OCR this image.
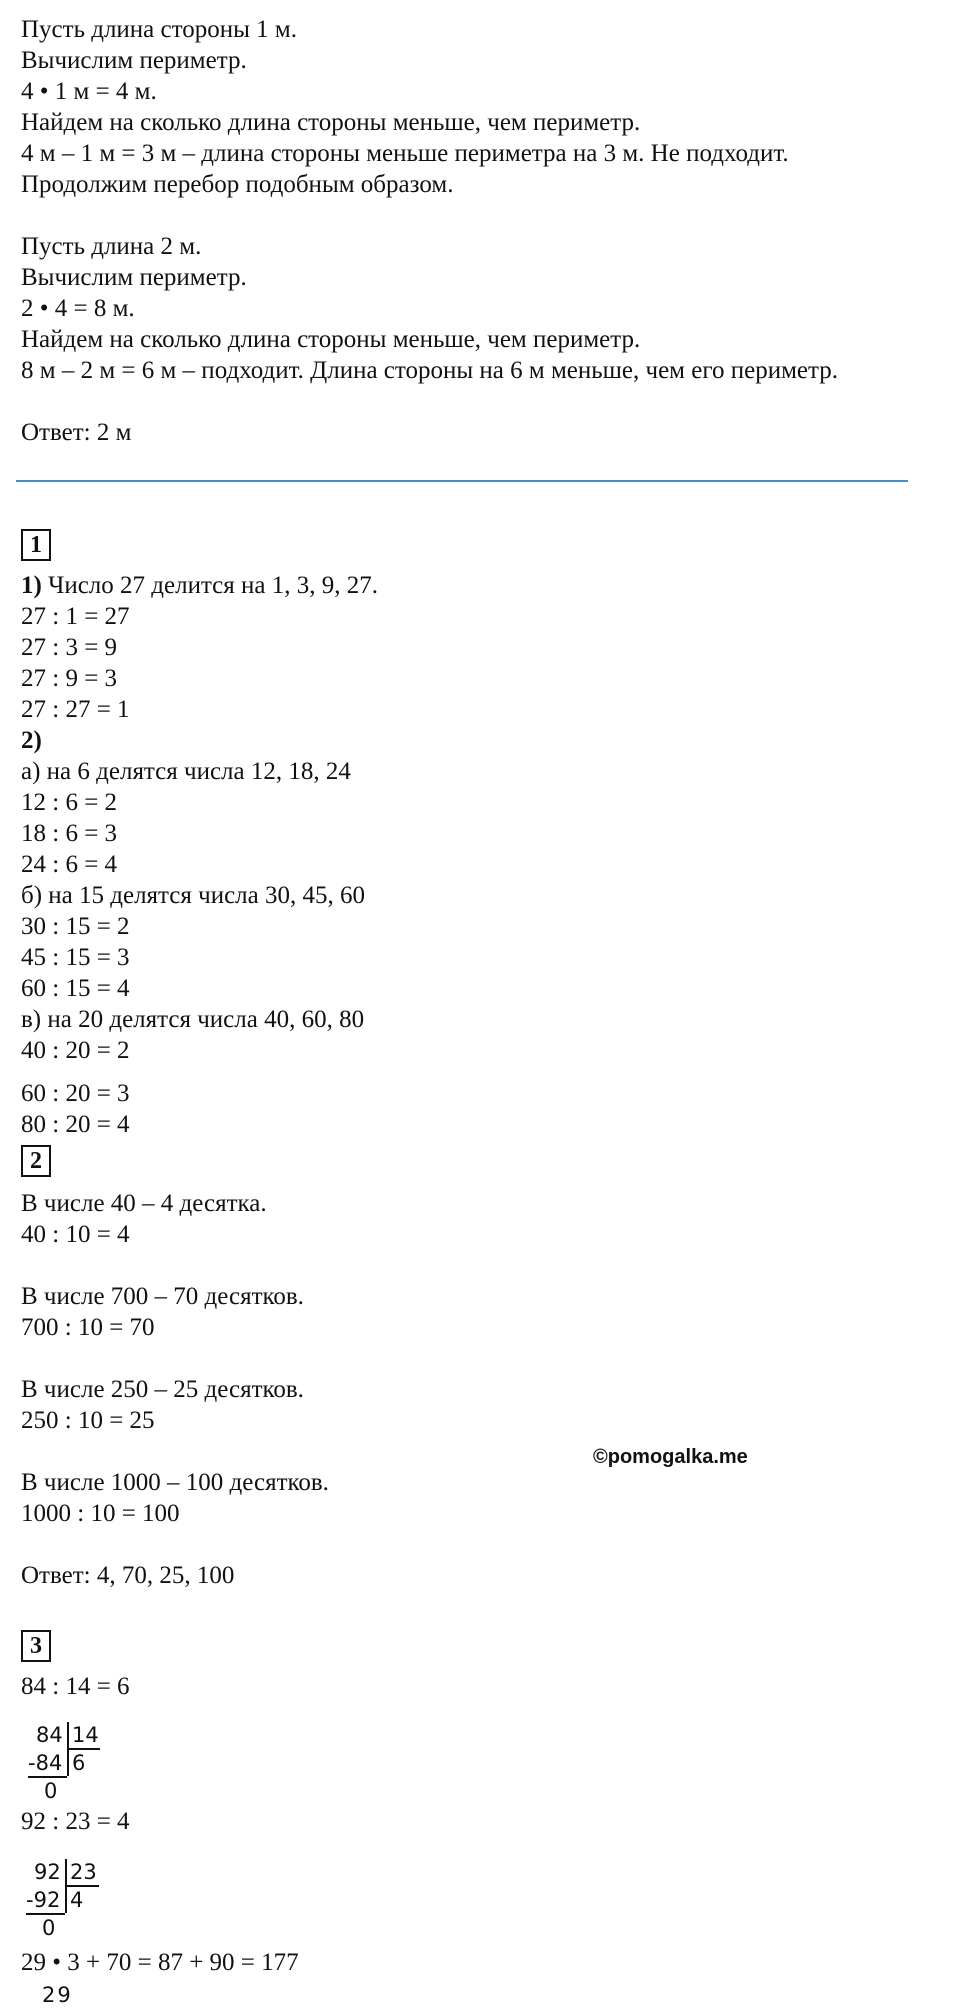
Пусть длина стороны 1 м.
Вычислим периметр.
4 • 1 м = 4 м.
Найдем на сколько длина стороны меньше, чем периметр.
4 м – 1 м = 3 м – длина стороны меньше периметра на 3 м. Не подходит.
Продолжим перебор подобным образом.
Пусть длина 2 м.
Вычислим периметр.
2 • 4 = 8 м.
Найдем на сколько длина стороны меньше, чем периметр.
8 м – 2 м = 6 м – подходит. Длина стороны на 6 м меньше, чем его периметр.
Ответ: 2 м
1
1) Число 27 делится на 1, 3, 9, 27.
27 : 1 = 27
27 : 3 = 9
27 : 9 = 3
27 : 27 = 1
2)
а) на 6 делятся числа 12, 18, 24
12 : 6 = 2
18 : 6 = 3
24 : 6 = 4
б) на 15 делятся числа 30, 45, 60
30 : 15 = 2
45 : 15 = 3
60 : 15 = 4
в) на 20 делятся числа 40, 60, 80
40 : 20 = 2
60 : 20 = 3
80 : 20 = 4
2
В числе 40 – 4 десятка.
40 : 10 = 4
В числе 700 – 70 десятков.
700 : 10 = 70
В числе 250 – 25 десятков.
250 : 10 = 25
©pomogalka.me
В числе 1000 – 100 десятков.
1000 : 10 = 100
Ответ: 4, 70, 25, 100
3
84 : 14 = 6
84 14
-84 6
0
92 : 23 = 4
92 23
-92 4
0
29 • 3 + 70 = 87 + 90 = 177
29
